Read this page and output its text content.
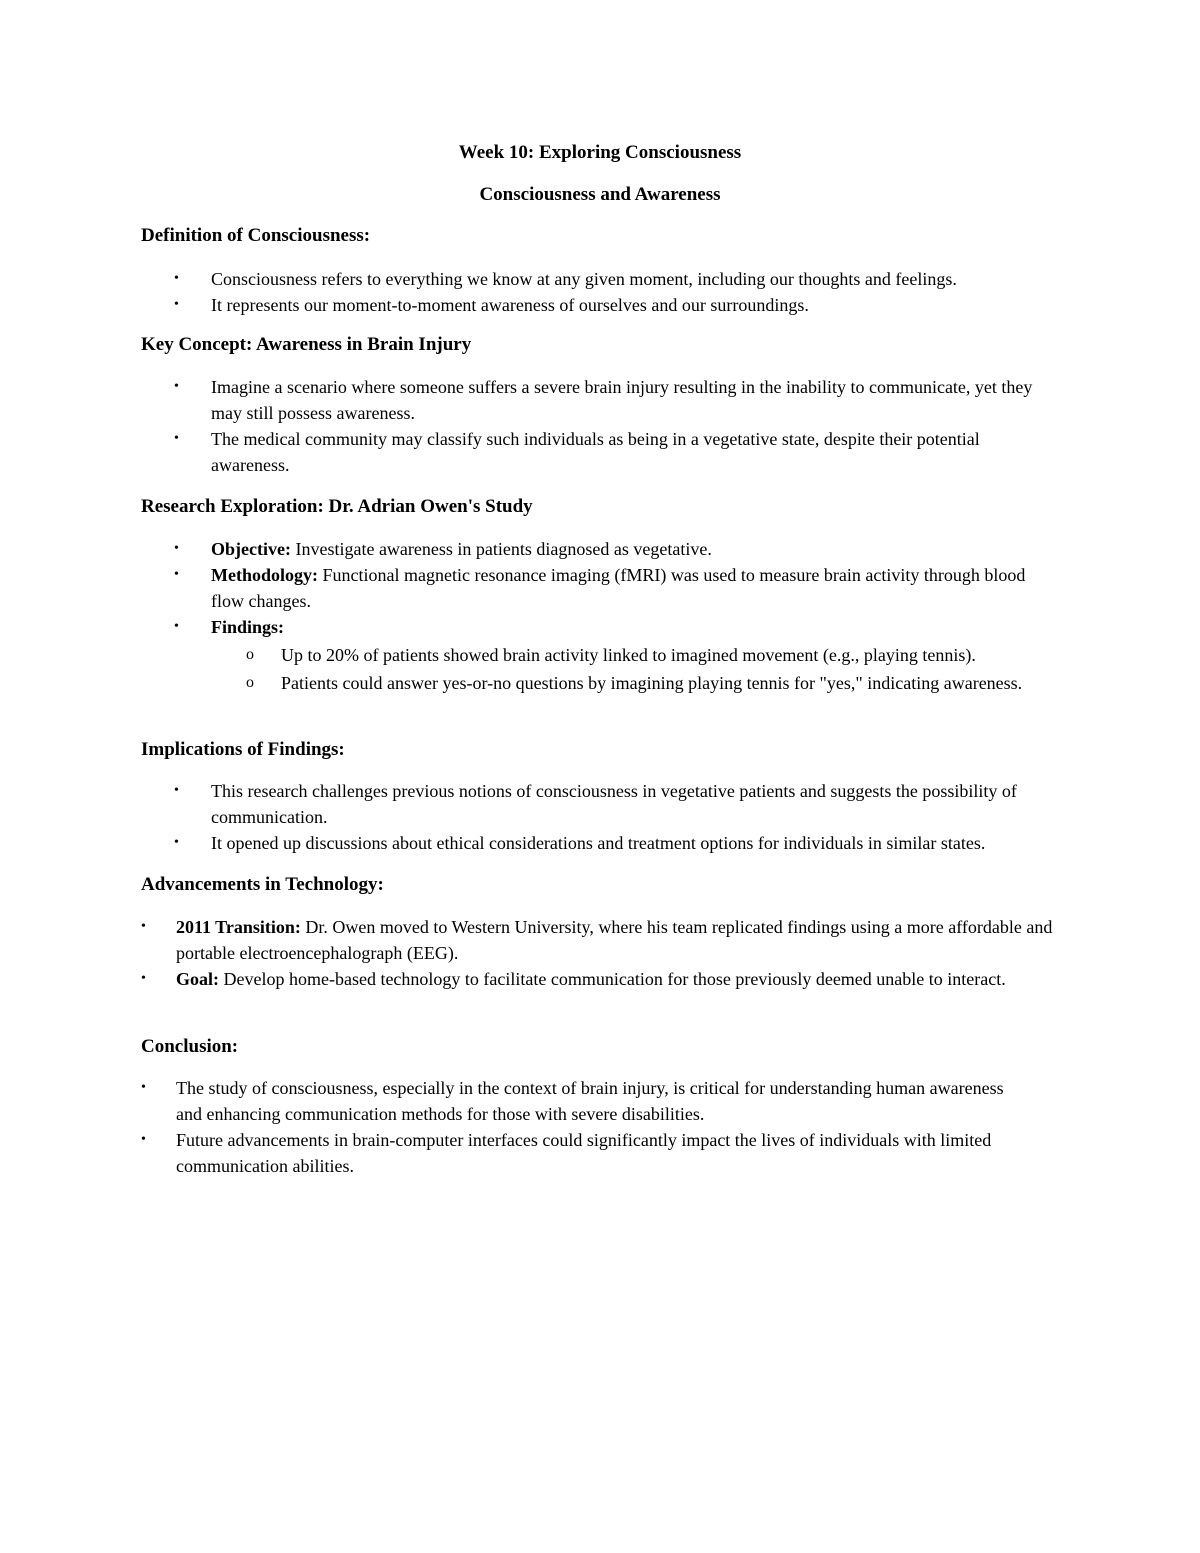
Week 10: Exploring Consciousness

Consciousness and Awareness

Definition of Consciousness:

• Consciousness refers to everything we know at any given moment, including our thoughts and feelings.
• It represents our moment-to-moment awareness of ourselves and our surroundings.

Key Concept: Awareness in Brain Injury

• Imagine a scenario where someone suffers a severe brain injury resulting in the inability to communicate, yet they may still possess awareness.
• The medical community may classify such individuals as being in a vegetative state, despite their potential awareness.

Research Exploration: Dr. Adrian Owen's Study

• Objective: Investigate awareness in patients diagnosed as vegetative.
• Methodology: Functional magnetic resonance imaging (fMRI) was used to measure brain activity through blood flow changes.
• Findings:
o Up to 20% of patients showed brain activity linked to imagined movement (e.g., playing tennis).
o Patients could answer yes-or-no questions by imagining playing tennis for "yes," indicating awareness.

Implications of Findings:

• This research challenges previous notions of consciousness in vegetative patients and suggests the possibility of communication.
• It opened up discussions about ethical considerations and treatment options for individuals in similar states.

Advancements in Technology:

• 2011 Transition: Dr. Owen moved to Western University, where his team replicated findings using a more affordable and portable electroencephalograph (EEG).
• Goal: Develop home-based technology to facilitate communication for those previously deemed unable to interact.

Conclusion:

• The study of consciousness, especially in the context of brain injury, is critical for understanding human awareness and enhancing communication methods for those with severe disabilities.
• Future advancements in brain-computer interfaces could significantly impact the lives of individuals with limited communication abilities.
